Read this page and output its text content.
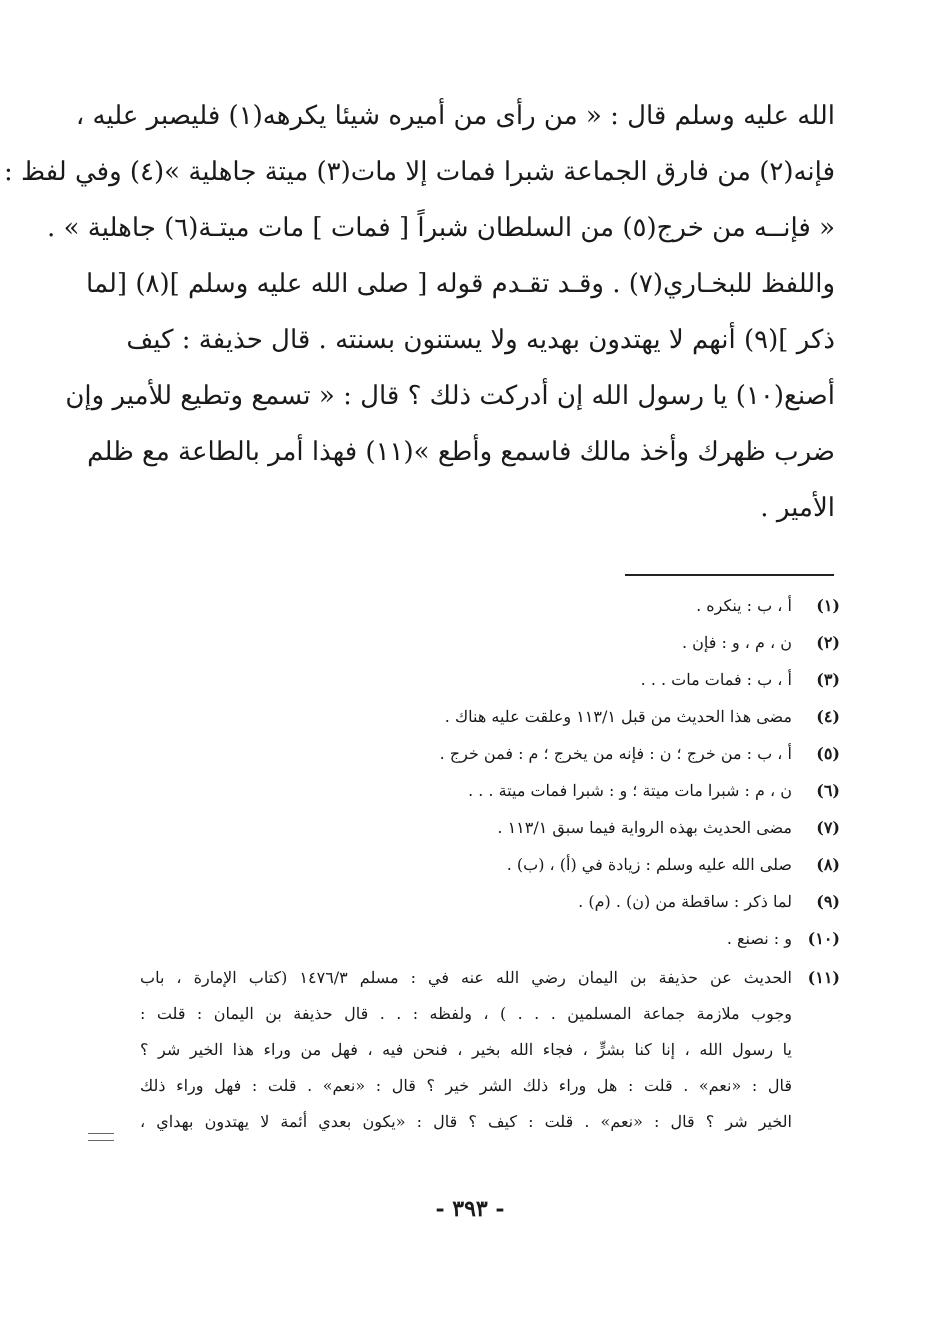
الله عليه وسلم قال : « من رأى من أميره شيئا يكرهه(١) فليصبر عليه ،
فإنه(٢) من فارق الجماعة شبرا فمات إلا مات(٣) ميتة جاهلية »(٤) وفي لفظ :
« فإنــه من خرج(٥) من السلطان شبراً [ فمات ] مات ميتـة(٦) جاهلية » .
واللفظ للبخـاري(٧) . وقـد تقـدم قوله [ صلى الله عليه وسلم ](٨) [لما
ذكر ](٩) أنهم لا يهتدون بهديه ولا يستنون بسنته . قال حذيفة : كيف
أصنع(١٠) يا رسول الله إن أدركت ذلك ؟ قال : « تسمع وتطيع للأمير وإن
ضرب ظهرك وأخذ مالك فاسمع وأطع »(١١) فهذا أمر بالطاعة مع ظلم
الأمير .
(١)
أ ، ب : ينكره .
(٢)
ن ، م ، و : فإن .
(٣)
أ ، ب : فمات مات . . .
(٤)
مضى هذا الحديث من قبل ١١٣/١ وعلقت عليه هناك .
(٥)
أ ، ب : من خرج ؛ ن : فإنه من يخرج ؛ م : فمن خرج .
(٦)
ن ، م : شبرا مات ميتة ؛ و : شبرا فمات ميتة . . .
(٧)
مضى الحديث بهذه الرواية فيما سبق ١١٣/١ .
(٨)
صلى الله عليه وسلم : زيادة في (أ) ، (ب) .
(٩)
لما ذكر : ساقطة من (ن) . (م) .
(١٠)
و : نصنع .
(١١)
الحديث عن حذيفة بن اليمان رضي الله عنه في : مسلم ١٤٧٦/٣ (كتاب الإمارة ، باب
وجوب ملازمة جماعة المسلمين . . . ) ، ولفظه : . . قال حذيفة بن اليمان : قلت :
يا رسول الله ، إنا كنا بشرٍّ ، فجاء الله بخير ، فنحن فيه ، فهل من وراء هذا الخير شر ؟
قال : «نعم» . قلت : هل وراء ذلك الشر خير ؟ قال : «نعم» . قلت : فهل وراء ذلك
الخير شر ؟ قال : «نعم» . قلت : كيف ؟ قال : «يكون بعدي أئمة لا يهتدون بهداي ،
- ٣٩٣ -
